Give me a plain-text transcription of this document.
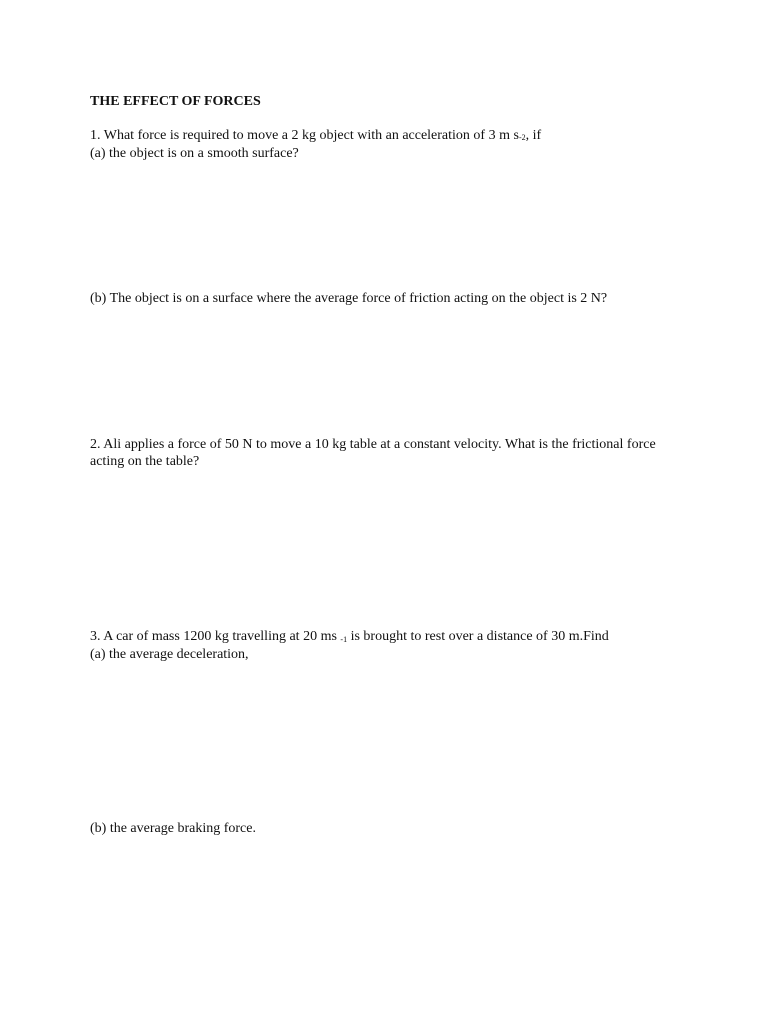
THE EFFECT OF FORCES
1. What force is required to move a 2 kg object with an acceleration of 3 m s-2, if
(a) the object is on a smooth surface?
(b) The object is on a surface where the average force of friction acting on the object is 2 N?
2. Ali applies a force of 50 N to move a 10 kg table at a constant velocity. What is the frictional force
acting on the table?
3. A car of mass 1200 kg travelling at 20 ms -1 is brought to rest over a distance of 30 m.Find
(a) the average deceleration,
(b) the average braking force.
